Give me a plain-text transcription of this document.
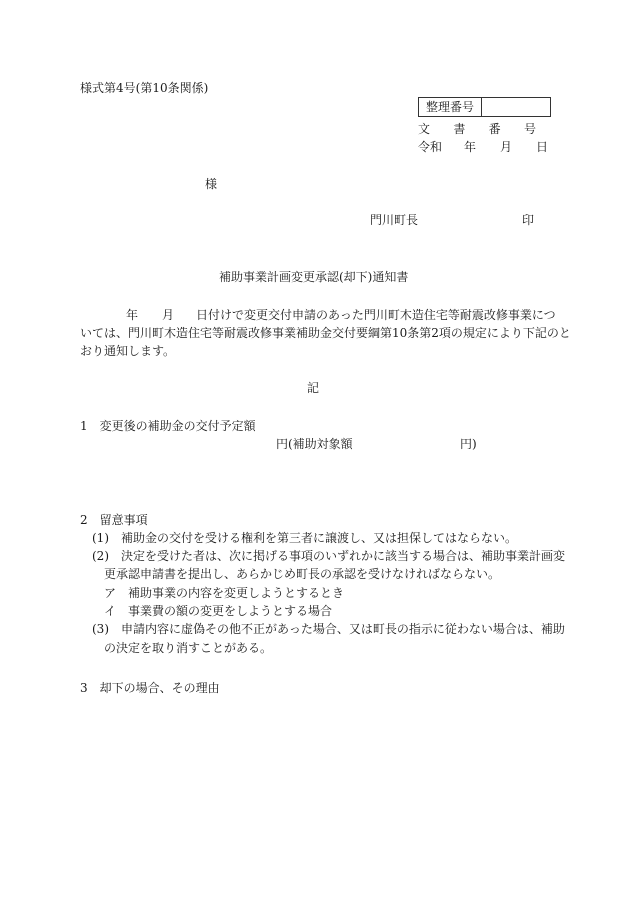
様式第4号(第10条関係)
整理番号
文 書 番 号
令和 年 月 日
様
門川町長	印
補助事業計画変更承認(却下)通知書
年 月 日付けで変更交付申請のあった門川町木造住宅等耐震改修事業につ
いては、門川町木造住宅等耐震改修事業補助金交付要綱第10条第2項の規定により下記のと
おり通知します。
記
1　変更後の補助金の交付予定額
円(補助対象額	円)
2　留意事項
(1)　補助金の交付を受ける権利を第三者に譲渡し、又は担保してはならない。
(2)　決定を受けた者は、次に掲げる事項のいずれかに該当する場合は、補助事業計画変
更承認申請書を提出し、あらかじめ町長の承認を受けなければならない。
ア　補助事業の内容を変更しようとするとき
イ　事業費の額の変更をしようとする場合
(3)　申請内容に虚偽その他不正があった場合、又は町長の指示に従わない場合は、補助
の決定を取り消すことがある。
3　却下の場合、その理由
